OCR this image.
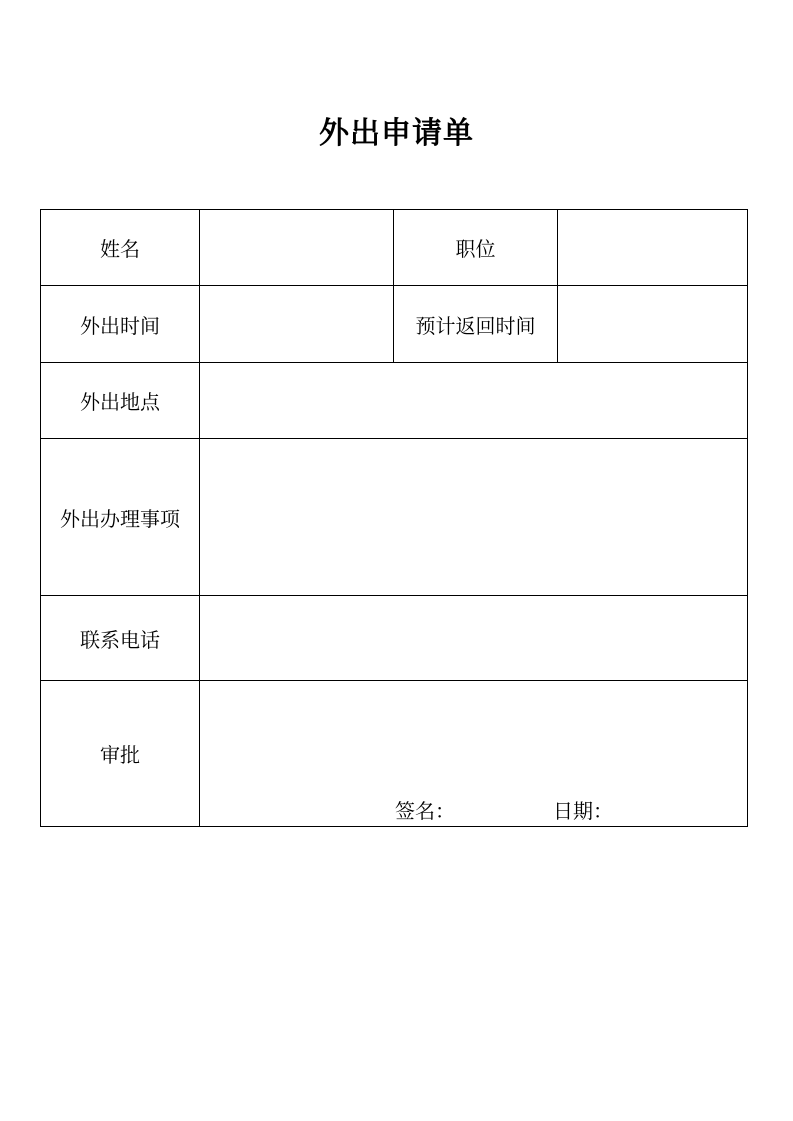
外出申请单
姓名		职位	
外出时间		预计返回时间	
外出地点			
外出办理事项			
联系电话			
审批	签名： 日期：		
